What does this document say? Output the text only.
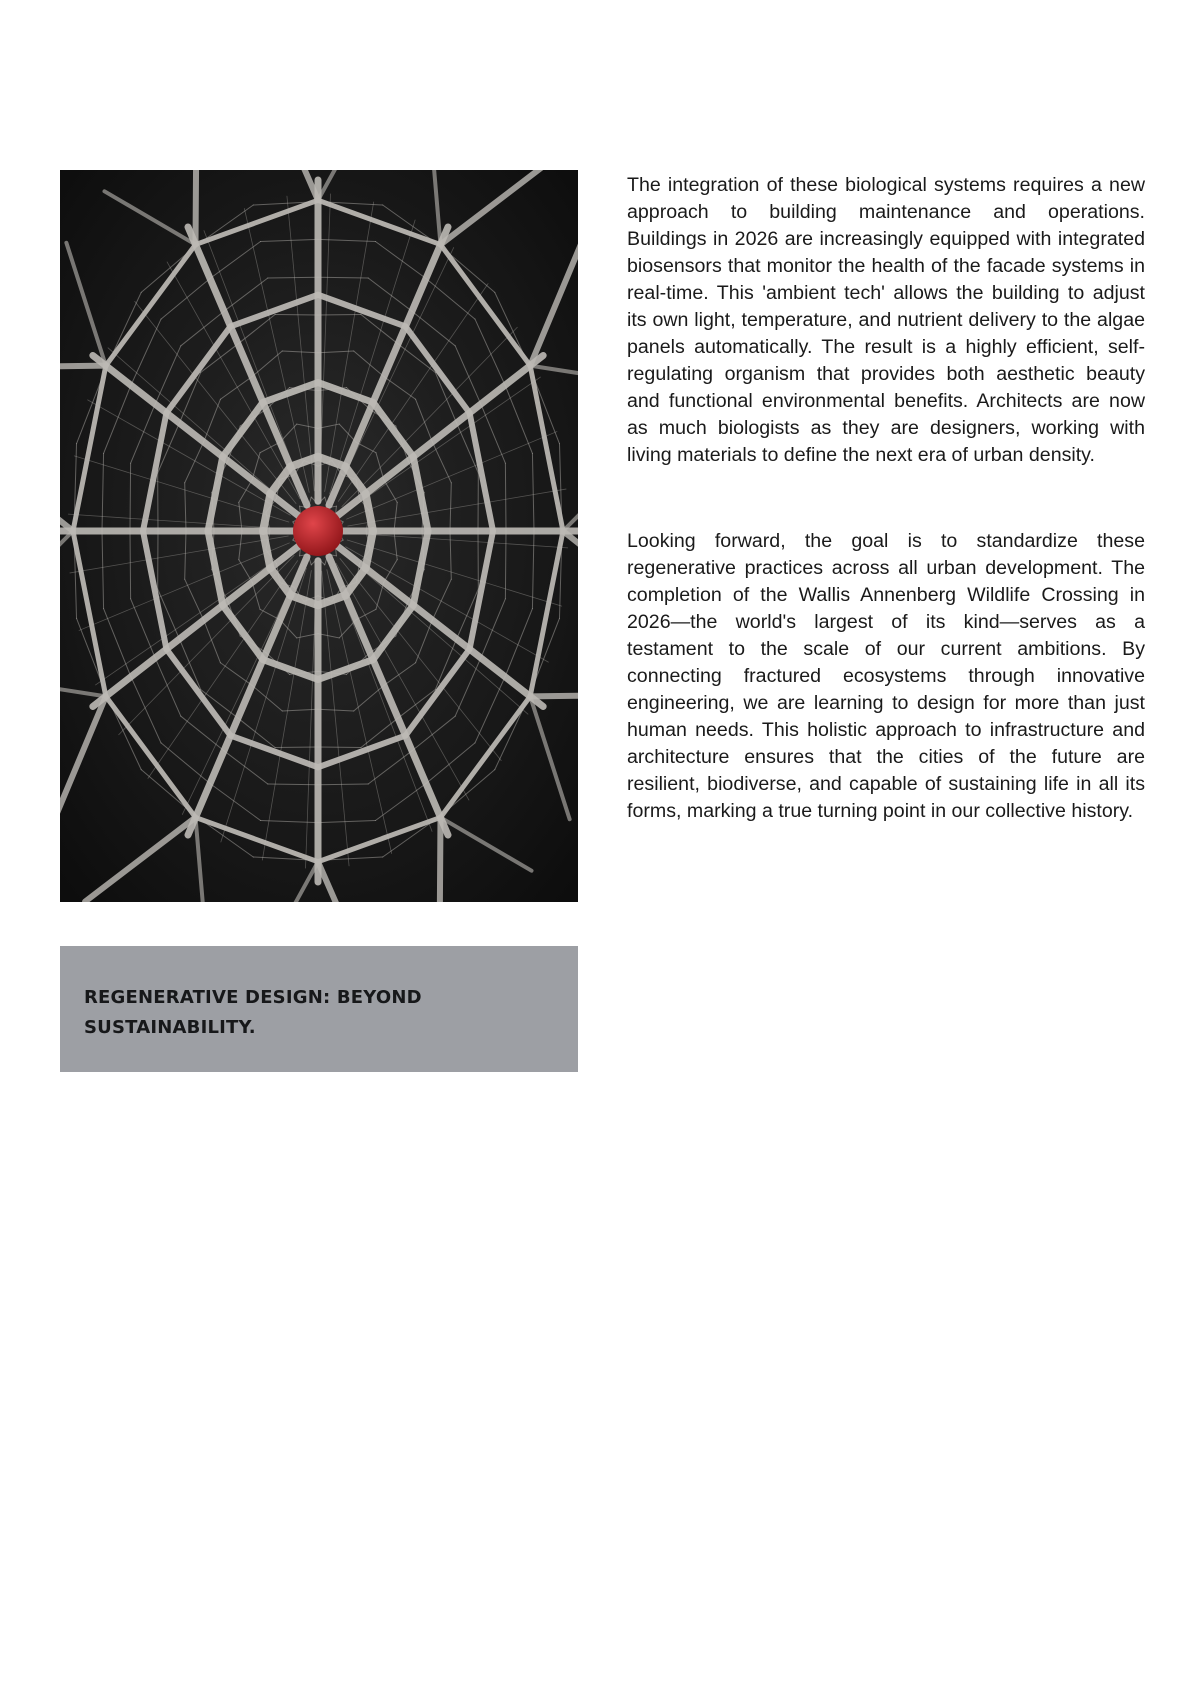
REGENERATIVE DESIGN: BEYOND SUSTAINABILITY.

The integration of these biological systems requires a new approach to building maintenance and operations. Buildings in 2026 are increasingly equipped with integrated biosensors that monitor the health of the facade systems in real-time. This 'ambient tech' allows the building to adjust its own light, temperature, and nutrient delivery to the algae panels automatically. The result is a highly efficient, self-regulating organism that provides both aesthetic beauty and functional environmental benefits. Architects are now as much biologists as they are designers, working with living materials to define the next era of urban density.

Looking forward, the goal is to standardize these regenerative practices across all urban development. The completion of the Wallis Annenberg Wildlife Crossing in 2026—the world's largest of its kind—serves as a testament to the scale of our current ambitions. By connecting fractured ecosystems through innovative engineering, we are learning to design for more than just human needs. This holistic approach to infrastructure and architecture ensures that the cities of the future are resilient, biodiverse, and capable of sustaining life in all its forms, marking a true turning point in our collective history.
